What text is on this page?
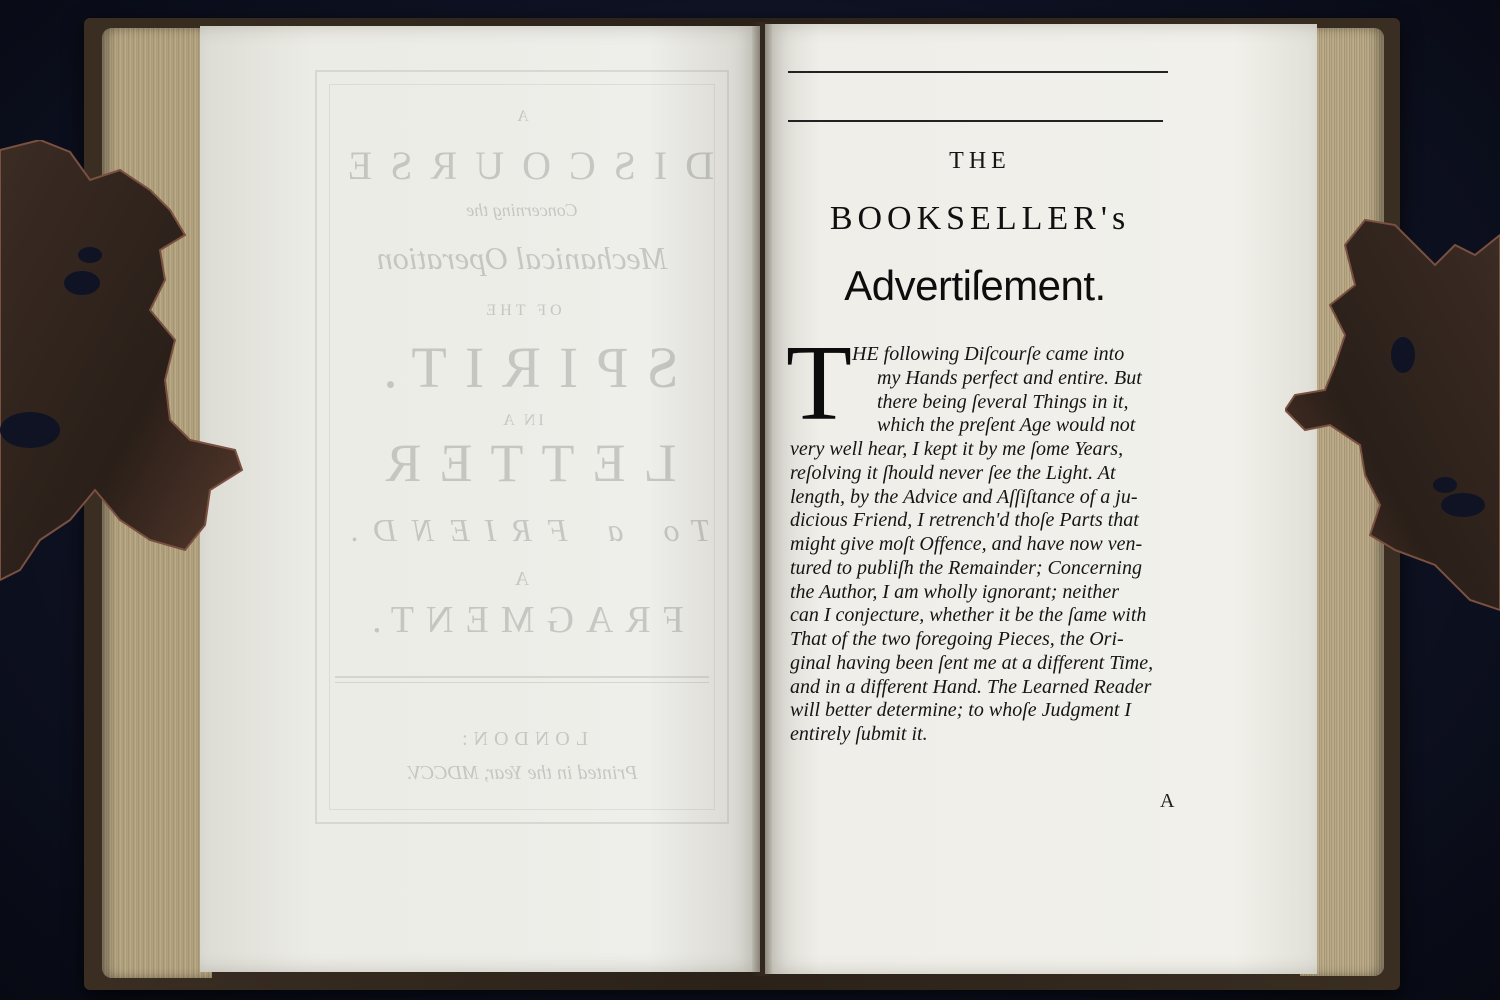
A
DISCOURSE
Concerning the
Mechanical Operation
OF THE
SPIRIT.
IN A
LETTER
To a FRIEND.
A
FRAGMENT.
LONDON:
Printed in the Year, MDCCV.
THE
BOOKSELLER's
Advertiſement.
T HE following Diſcourſe came into
my Hands perfect and entire. But
there being ſeveral Things in it,
which the preſent Age would not
very well hear, I kept it by me ſome Years,
reſolving it ſhould never ſee the Light. At
length, by the Advice and Aſſiſtance of a ju-
dicious Friend, I retrench'd thoſe Parts that
might give moſt Offence, and have now ven-
tured to publiſh the Remainder; Concerning
the Author, I am wholly ignorant; neither
can I conjecture, whether it be the ſame with
That of the two foregoing Pieces, the Ori-
ginal having been ſent me at a different Time,
and in a different Hand. The Learned Reader
will better determine; to whoſe Judgment I
entirely ſubmit it.
A
